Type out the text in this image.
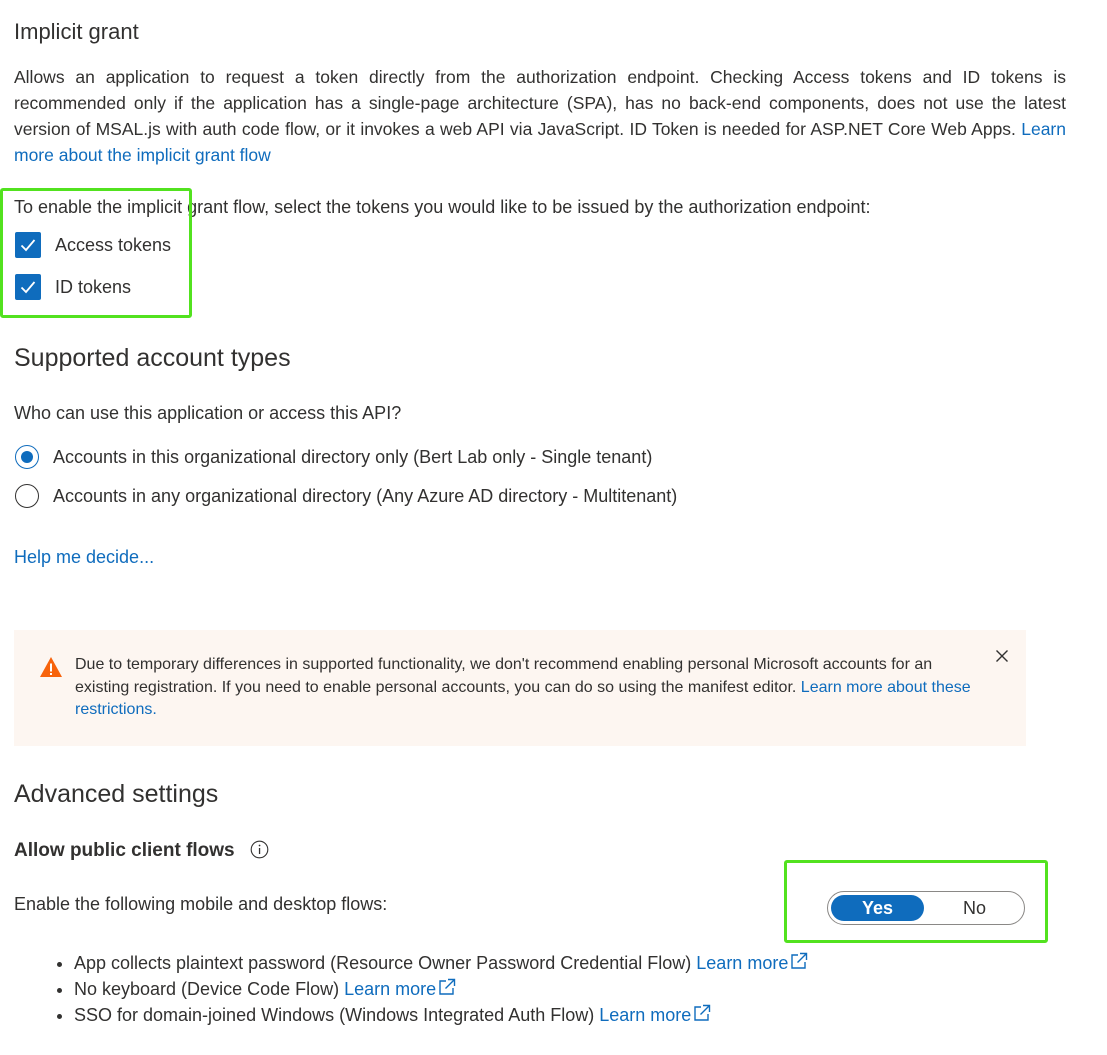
Implicit grant
Allows an application to request a token directly from the authorization endpoint. Checking Access tokens and ID tokens is recommended only if the application has a single-page architecture (SPA), has no back-end components, does not use the latest version of MSAL.js with auth code flow, or it invokes a web API via JavaScript. ID Token is needed for ASP.NET Core Web Apps. Learn more about the implicit grant flow
To enable the implicit grant flow, select the tokens you would like to be issued by the authorization endpoint:
Access tokens
ID tokens
Supported account types
Who can use this application or access this API?
Accounts in this organizational directory only (Bert Lab only - Single tenant)
Accounts in any organizational directory (Any Azure AD directory - Multitenant)
Help me decide...
Due to temporary differences in supported functionality, we don't recommend enabling personal Microsoft accounts for an existing registration. If you need to enable personal accounts, you can do so using the manifest editor. Learn more about these restrictions.
Advanced settings
Allow public client flows
Enable the following mobile and desktop flows:	Yes	No
• App collects plaintext password (Resource Owner Password Credential Flow) Learn more
• No keyboard (Device Code Flow) Learn more
• SSO for domain-joined Windows (Windows Integrated Auth Flow) Learn more
